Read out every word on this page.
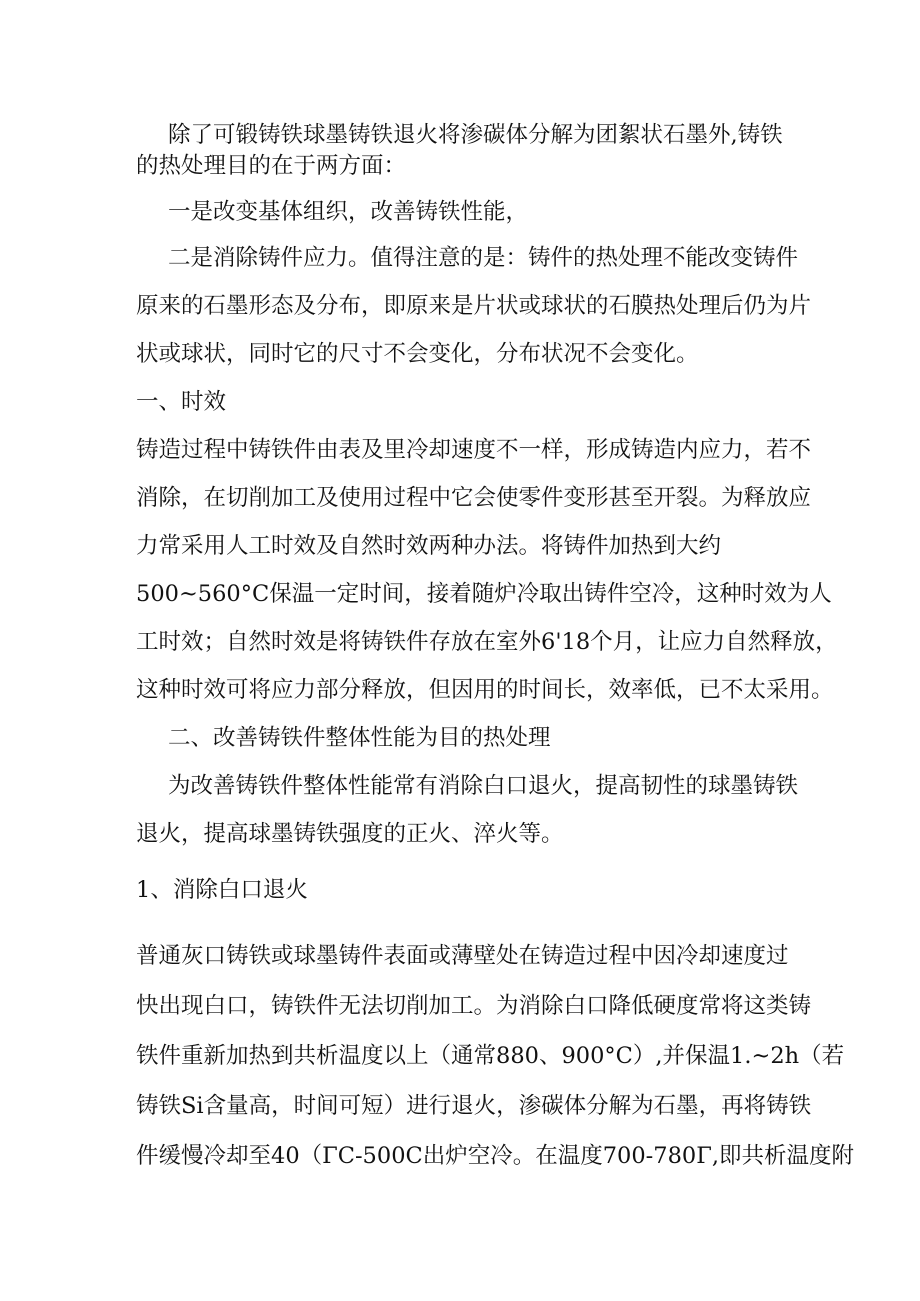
除了可锻铸铁球墨铸铁退火将渗碳体分解为团絮状石墨外,铸铁

的热处理目的在于两方面：

一是改变基体组织，改善铸铁性能，

二是消除铸件应力。值得注意的是：铸件的热处理不能改变铸件

原来的石墨形态及分布，即原来是片状或球状的石膜热处理后仍为片

状或球状，同时它的尺寸不会变化，分布状况不会变化。

一、时效

铸造过程中铸铁件由表及里冷却速度不一样，形成铸造内应力，若不

消除，在切削加工及使用过程中它会使零件变形甚至开裂。为释放应

力常采用人工时效及自然时效两种办法。将铸件加热到大约

500~560°C保温一定时间，接着随炉冷取出铸件空冷，这种时效为人

工时效；自然时效是将铸铁件存放在室外6'18个月，让应力自然释放，

这种时效可将应力部分释放，但因用的时间长，效率低，已不太采用。

二、改善铸铁件整体性能为目的热处理

为改善铸铁件整体性能常有消除白口退火，提高韧性的球墨铸铁

退火，提高球墨铸铁强度的正火、淬火等。

1、消除白口退火

普通灰口铸铁或球墨铸件表面或薄壁处在铸造过程中因冷却速度过

快出现白口，铸铁件无法切削加工。为消除白口降低硬度常将这类铸

铁件重新加热到共析温度以上（通常880、900°C）,并保温1.~2h（若

铸铁Si含量高，时间可短）进行退火，渗碳体分解为石墨，再将铸铁

件缓慢冷却至40（ΓC-500C出炉空冷。在温度700-780Γ,即共析温度附
